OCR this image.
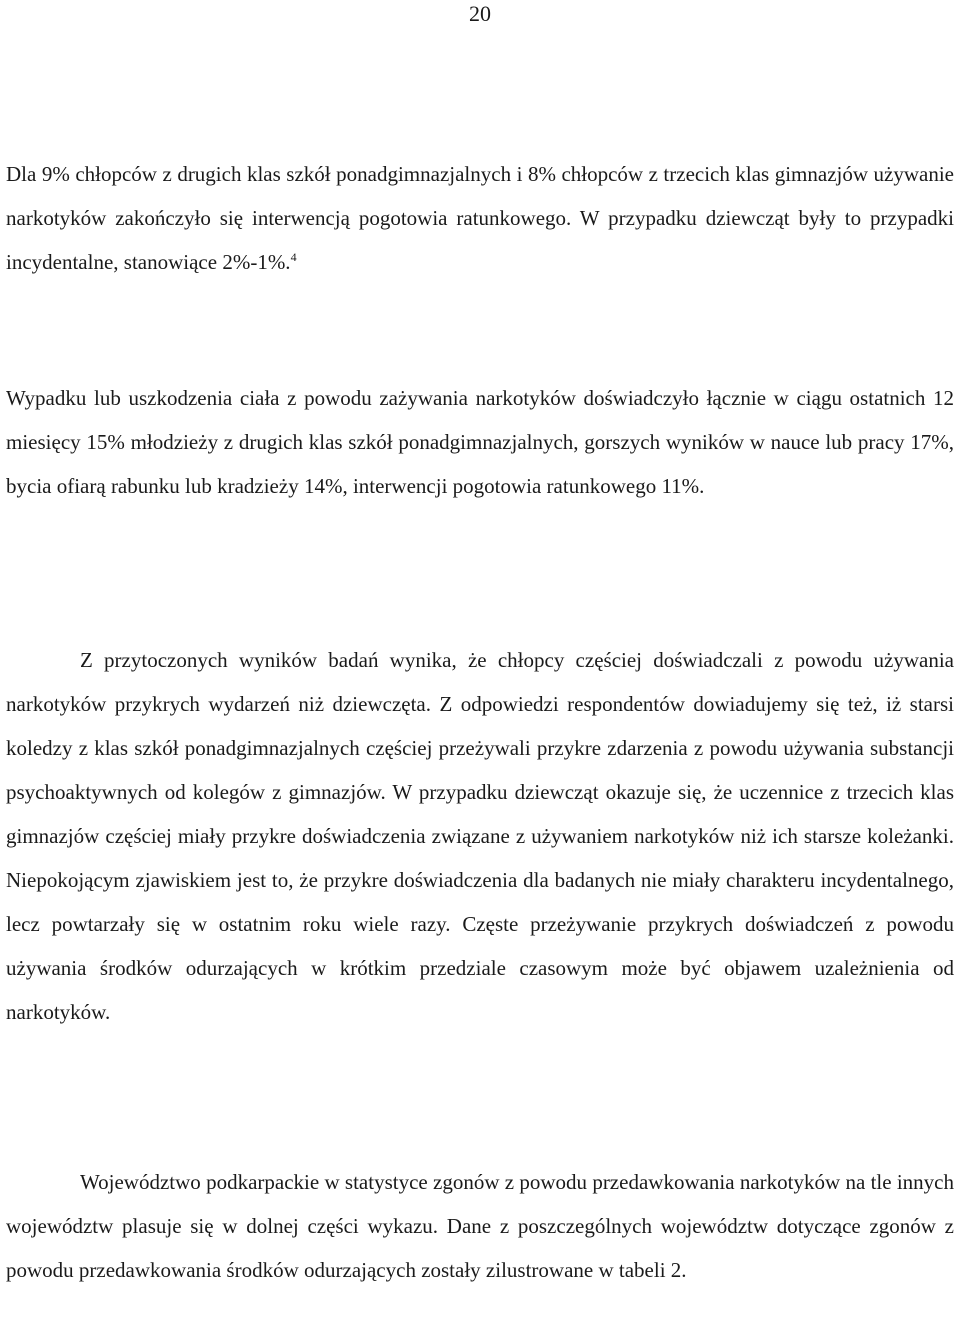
20

Dla 9% chłopców z drugich klas szkół ponadgimnazjalnych i 8% chłopców z trzecich klas gimnazjów używanie narkotyków zakończyło się interwencją pogotowia ratunkowego. W przypadku dziewcząt były to przypadki incydentalne, stanowiące 2%-1%.$^4$

Wypadku lub uszkodzenia ciała z powodu zażywania narkotyków doświadczyło łącznie w ciągu ostatnich 12 miesięcy 15% młodzieży z drugich klas szkół ponadgimnazjalnych, gorszych wyników w nauce lub pracy 17%, bycia ofiarą rabunku lub kradzieży 14%, interwencji pogotowia ratunkowego 11%.

Z przytoczonych wyników badań wynika, że chłopcy częściej doświadczali z powodu używania narkotyków przykrych wydarzeń niż dziewczęta. Z odpowiedzi respondentów dowiadujemy się też, iż starsi koledzy z klas szkół ponadgimnazjalnych częściej przeżywali przykre zdarzenia z powodu używania substancji psychoaktywnych od kolegów z gimnazjów. W przypadku dziewcząt okazuje się, że uczennice z trzecich klas gimnazjów częściej miały przykre doświadczenia związane z używaniem narkotyków niż ich starsze koleżanki. Niepokojącym zjawiskiem jest to, że przykre doświadczenia dla badanych nie miały charakteru incydentalnego, lecz powtarzały się w ostatnim roku wiele razy. Częste przeżywanie przykrych doświadczeń z powodu używania środków odurzających w krótkim przedziale czasowym może być objawem uzależnienia od narkotyków.

Województwo podkarpackie w statystyce zgonów z powodu przedawkowania narkotyków na tle innych województw plasuje się w dolnej części wykazu. Dane z poszczególnych województw dotyczące zgonów z powodu przedawkowania środków odurzających zostały zilustrowane w tabeli 2.
